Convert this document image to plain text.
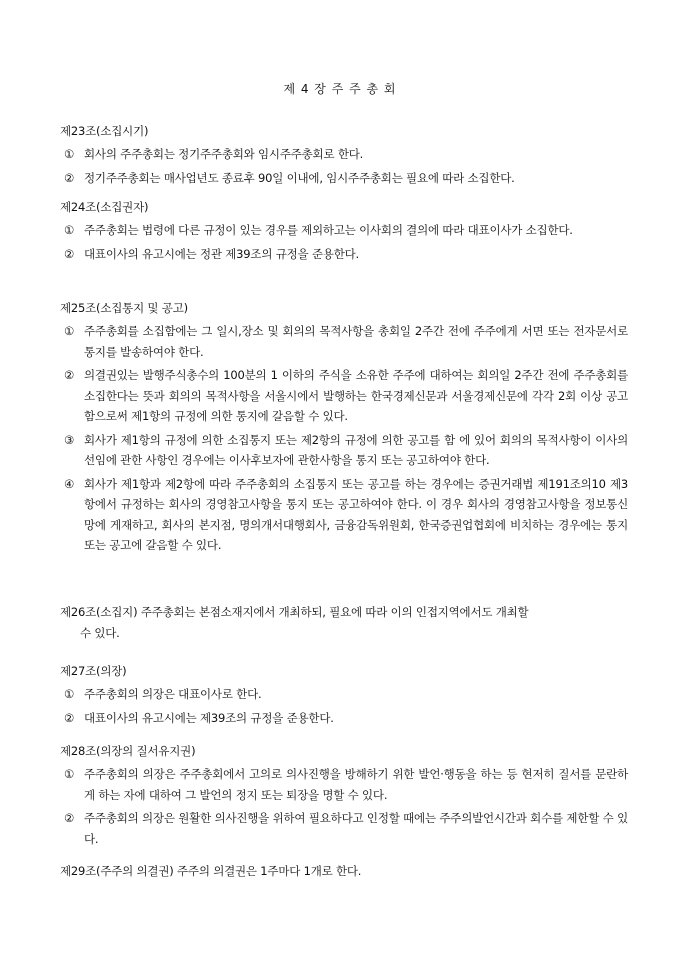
제 4 장 주 주 총 회
제23조(소집시기)
① 회사의 주주총회는 정기주주총회와 임시주주총회로 한다.
② 정기주주총회는 매사업년도 종료후 90일 이내에, 임시주주총회는 필요에 따라 소집한다.
제24조(소집권자)
① 주주총회는 법령에 다른 규정이 있는 경우를 제외하고는 이사회의 결의에 따라 대표이사가 소집한다.
② 대표이사의 유고시에는 정관 제39조의 규정을 준용한다.
제25조(소집통지 및 공고)
① 주주총회를 소집함에는 그 일시,장소 및 회의의 목적사항을 총회일 2주간 전에 주주에게 서면 또는 전자문서로 통지를 발송하여야 한다.
② 의결권있는 발행주식총수의 100분의 1 이하의 주식을 소유한 주주에 대하여는 회의일 2주간 전에 주주총회를 소집한다는 뜻과 회의의 목적사항을 서울시에서 발행하는 한국경제신문과 서울경제신문에 각각 2회 이상 공고함으로써 제1항의 규정에 의한 통지에 갈음할 수 있다.
③ 회사가 제1항의 규정에 의한 소집통지 또는 제2항의 규정에 의한 공고를 함 에 있어 회의의 목적사항이 이사의 선임에 관한 사항인 경우에는 이사후보자에 관한사항을 통지 또는 공고하여야 한다.
④ 회사가 제1항과 제2항에 따라 주주총회의 소집통지 또는 공고를 하는 경우에는 증권거래법 제191조의10 제3항에서 규정하는 회사의 경영참고사항을 통지 또는 공고하여야 한다. 이 경우 회사의 경영참고사항을 정보통신망에 게재하고, 회사의 본지점, 명의개서대행회사, 금융감독위원회, 한국증권업협회에 비치하는 경우에는 통지 또는 공고에 갈음할 수 있다.
제26조(소집지) 주주총회는 본점소재지에서 개최하되, 필요에 따라 이의 인접지역에서도 개최할
수 있다.
제27조(의장)
① 주주총회의 의장은 대표이사로 한다.
② 대표이사의 유고시에는 제39조의 규정을 준용한다.
제28조(의장의 질서유지권)
① 주주총회의 의장은 주주총회에서 고의로 의사진행을 방해하기 위한 발언·행동을 하는 등 현저히 질서를 문란하게 하는 자에 대하여 그 발언의 정지 또는 퇴장을 명할 수 있다.
② 주주총회의 의장은 원활한 의사진행을 위하여 필요하다고 인정할 때에는 주주의발언시간과 회수를 제한할 수 있다.
제29조(주주의 의결권) 주주의 의결권은 1주마다 1개로 한다.
